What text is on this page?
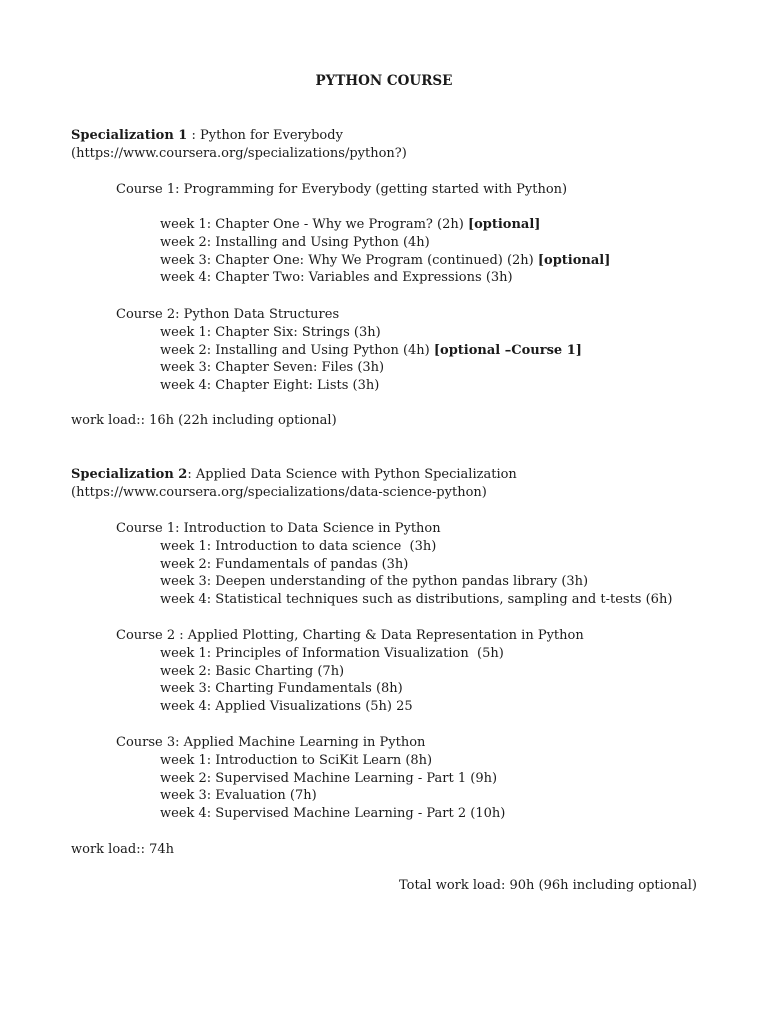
PYTHON COURSE
Specialization 1 : Python for Everybody
(https://www.coursera.org/specializations/python?)
Course 1: Programming for Everybody (getting started with Python)
week 1: Chapter One - Why we Program? (2h) [optional]
week 2: Installing and Using Python (4h)
week 3: Chapter One: Why We Program (continued) (2h) [optional]
week 4: Chapter Two: Variables and Expressions (3h)
Course 2: Python Data Structures
week 1: Chapter Six: Strings (3h)
week 2: Installing and Using Python (4h) [optional –Course 1]
week 3: Chapter Seven: Files (3h)
week 4: Chapter Eight: Lists (3h)
work load:: 16h (22h including optional)
Specialization 2: Applied Data Science with Python Specialization
(https://www.coursera.org/specializations/data-science-python)
Course 1: Introduction to Data Science in Python
week 1: Introduction to data science  (3h)
week 2: Fundamentals of pandas (3h)
week 3: Deepen understanding of the python pandas library (3h)
week 4: Statistical techniques such as distributions, sampling and t-tests (6h)
Course 2 : Applied Plotting, Charting & Data Representation in Python
week 1: Principles of Information Visualization  (5h)
week 2: Basic Charting (7h)
week 3: Charting Fundamentals (8h)
week 4: Applied Visualizations (5h) 25
Course 3: Applied Machine Learning in Python
week 1: Introduction to SciKit Learn (8h)
week 2: Supervised Machine Learning - Part 1 (9h)
week 3: Evaluation (7h)
week 4: Supervised Machine Learning - Part 2 (10h)
work load:: 74h
Total work load: 90h (96h including optional)
